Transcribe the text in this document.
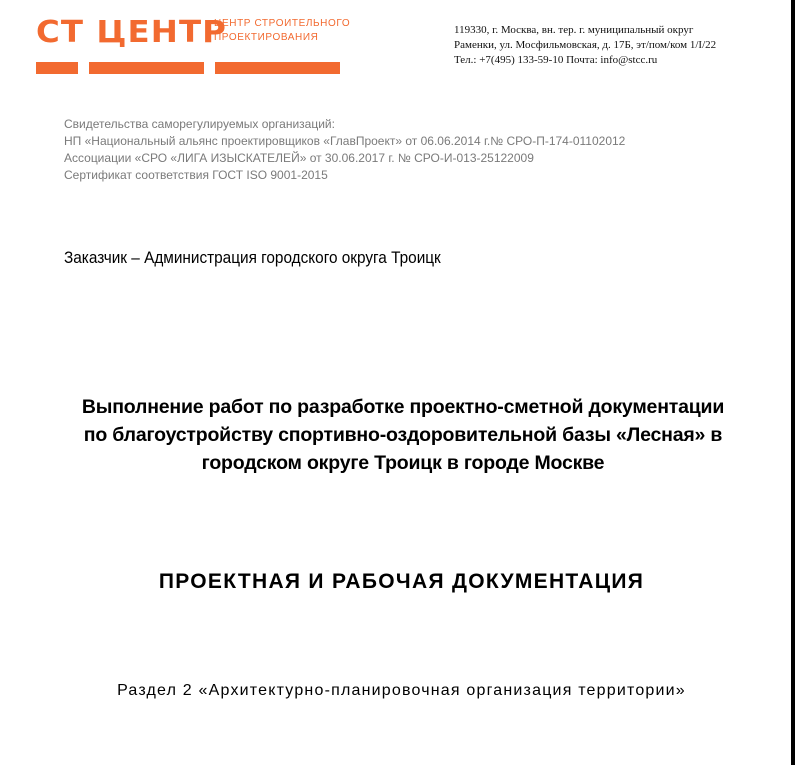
СТ ЦЕНТР
ЦЕНТР СТРОИТЕЛЬНОГО
ПРОЕКТИРОВАНИЯ
119330, г. Москва, вн. тер. г. муниципальный округ
Раменки, ул. Мосфильмовская, д. 17Б, эт/пом/ком 1/I/22
Тел.: +7(495) 133-59-10 Почта: info@stcc.ru
Свидетельства саморегулируемых организаций:
НП «Национальный альянс проектировщиков «ГлавПроект» от 06.06.2014 г.№ СРО-П-174-01102012
Ассоциации «СРО «ЛИГА ИЗЫСКАТЕЛЕЙ» от 30.06.2017 г. № СРО-И-013-25122009
Сертификат соответствия ГОСТ ISO 9001-2015
Заказчик – Администрация городского округа Троицк
Выполнение работ по разработке проектно-сметной документации
по благоустройству спортивно-оздоровительной базы «Лесная» в
городском округе Троицк в городе Москве
ПРОЕКТНАЯ И РАБОЧАЯ ДОКУМЕНТАЦИЯ
Раздел 2 «Архитектурно-планировочная организация территории»
